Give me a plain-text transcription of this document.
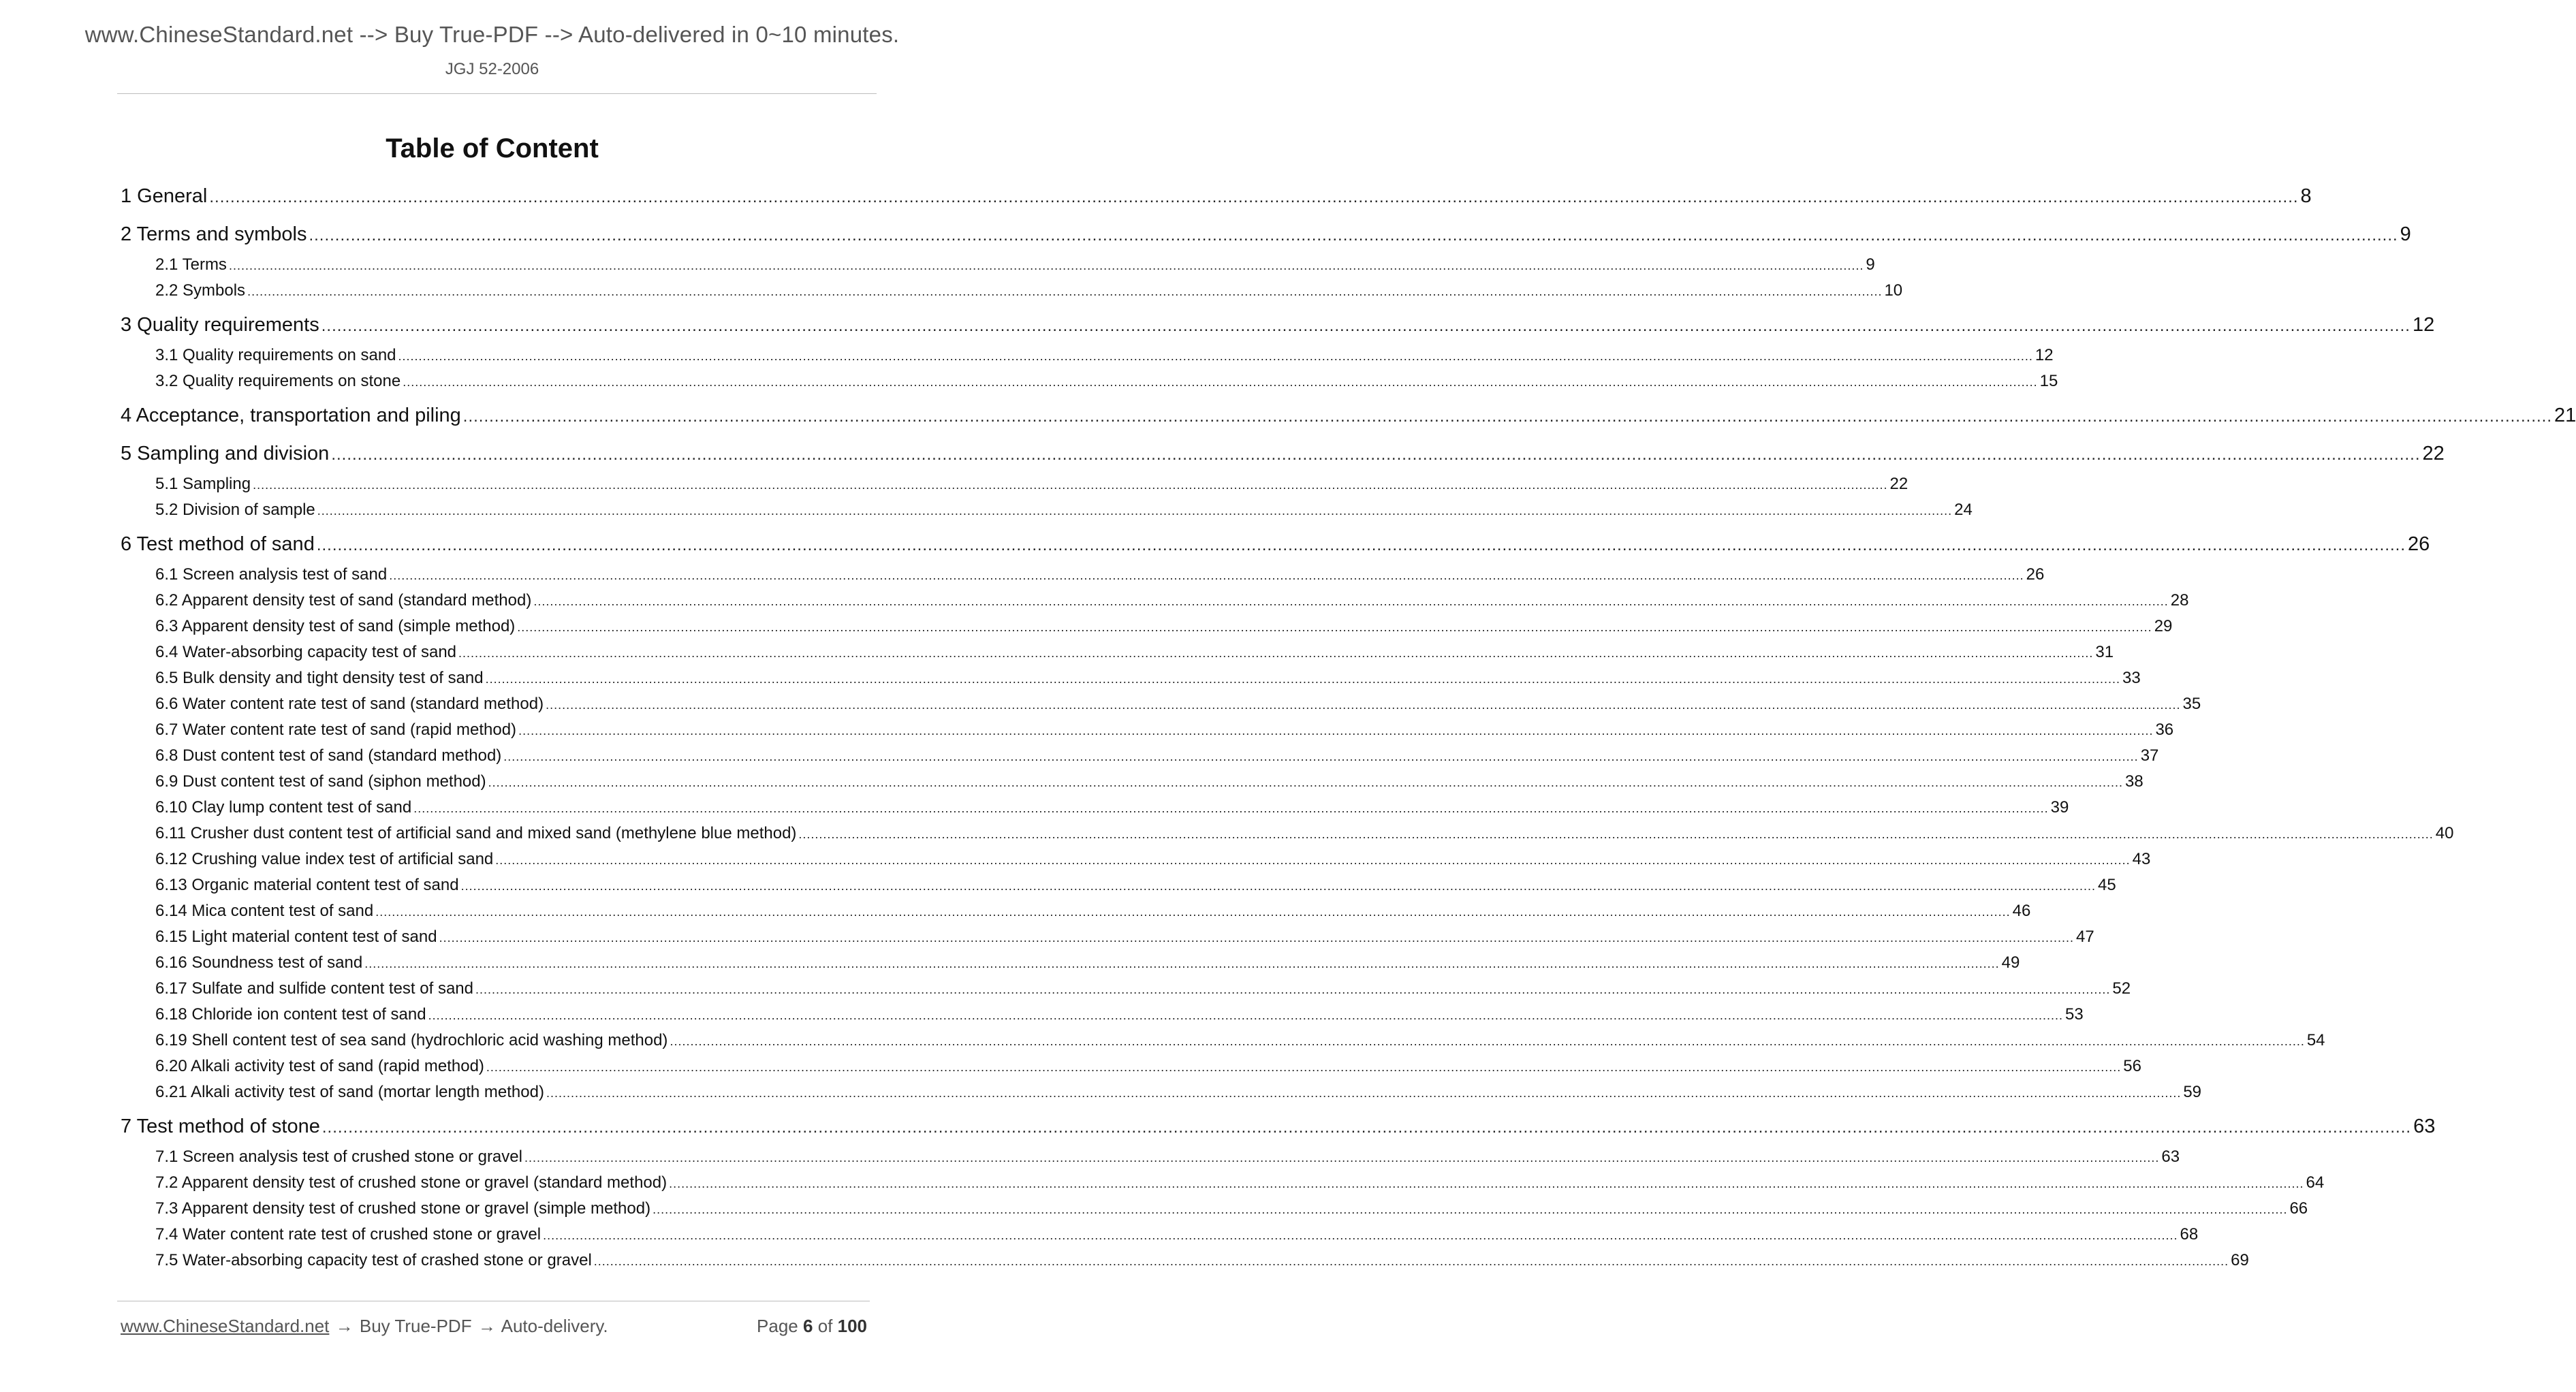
www.ChineseStandard.net --> Buy True-PDF --> Auto-delivered in 0~10 minutes.
JGJ 52-2006
Table of Content
1 General ................................................................................................................................................................................................................................................................................................................................................................................................................ 8
2 Terms and symbols ................................................................................................................................................................................................................................................................................................................................................................................................................ 9
2.1 Terms ................................................................................................................................................................................................................................................................................................................................................................................................................ 9
2.2 Symbols ................................................................................................................................................................................................................................................................................................................................................................................................................ 10
3 Quality requirements ................................................................................................................................................................................................................................................................................................................................................................................................................ 12
3.1 Quality requirements on sand ................................................................................................................................................................................................................................................................................................................................................................................................................ 12
3.2 Quality requirements on stone ................................................................................................................................................................................................................................................................................................................................................................................................................ 15
4 Acceptance, transportation and piling ................................................................................................................................................................................................................................................................................................................................................................................................................ 21
5 Sampling and division ................................................................................................................................................................................................................................................................................................................................................................................................................ 22
5.1 Sampling ................................................................................................................................................................................................................................................................................................................................................................................................................ 22
5.2 Division of sample ................................................................................................................................................................................................................................................................................................................................................................................................................ 24
6 Test method of sand ................................................................................................................................................................................................................................................................................................................................................................................................................ 26
6.1 Screen analysis test of sand ................................................................................................................................................................................................................................................................................................................................................................................................................ 26
6.2 Apparent density test of sand (standard method) ................................................................................................................................................................................................................................................................................................................................................................................................................ 28
6.3 Apparent density test of sand (simple method) ................................................................................................................................................................................................................................................................................................................................................................................................................ 29
6.4 Water-absorbing capacity test of sand ................................................................................................................................................................................................................................................................................................................................................................................................................ 31
6.5 Bulk density and tight density test of sand ................................................................................................................................................................................................................................................................................................................................................................................................................ 33
6.6 Water content rate test of sand (standard method) ................................................................................................................................................................................................................................................................................................................................................................................................................ 35
6.7 Water content rate test of sand (rapid method) ................................................................................................................................................................................................................................................................................................................................................................................................................ 36
6.8 Dust content test of sand (standard method) ................................................................................................................................................................................................................................................................................................................................................................................................................ 37
6.9 Dust content test of sand (siphon method) ................................................................................................................................................................................................................................................................................................................................................................................................................ 38
6.10 Clay lump content test of sand ................................................................................................................................................................................................................................................................................................................................................................................................................ 39
6.11 Crusher dust content test of artificial sand and mixed sand (methylene blue method) ................................................................................................................................................................................................................................................................................................................................................................................................................ 40
6.12 Crushing value index test of artificial sand ................................................................................................................................................................................................................................................................................................................................................................................................................ 43
6.13 Organic material content test of sand ................................................................................................................................................................................................................................................................................................................................................................................................................ 45
6.14 Mica content test of sand ................................................................................................................................................................................................................................................................................................................................................................................................................ 46
6.15 Light material content test of sand ................................................................................................................................................................................................................................................................................................................................................................................................................ 47
6.16 Soundness test of sand ................................................................................................................................................................................................................................................................................................................................................................................................................ 49
6.17 Sulfate and sulfide content test of sand ................................................................................................................................................................................................................................................................................................................................................................................................................ 52
6.18 Chloride ion content test of sand ................................................................................................................................................................................................................................................................................................................................................................................................................ 53
6.19 Shell content test of sea sand (hydrochloric acid washing method) ................................................................................................................................................................................................................................................................................................................................................................................................................ 54
6.20 Alkali activity test of sand (rapid method) ................................................................................................................................................................................................................................................................................................................................................................................................................ 56
6.21 Alkali activity test of sand (mortar length method) ................................................................................................................................................................................................................................................................................................................................................................................................................ 59
7 Test method of stone ................................................................................................................................................................................................................................................................................................................................................................................................................ 63
7.1 Screen analysis test of crushed stone or gravel ................................................................................................................................................................................................................................................................................................................................................................................................................ 63
7.2 Apparent density test of crushed stone or gravel (standard method) ................................................................................................................................................................................................................................................................................................................................................................................................................ 64
7.3 Apparent density test of crushed stone or gravel (simple method) ................................................................................................................................................................................................................................................................................................................................................................................................................ 66
7.4 Water content rate test of crushed stone or gravel ................................................................................................................................................................................................................................................................................................................................................................................................................ 68
7.5 Water-absorbing capacity test of crashed stone or gravel ................................................................................................................................................................................................................................................................................................................................................................................................................ 69
www.ChineseStandard.net → Buy True-PDF → Auto-delivery.	Page 6 of 100
